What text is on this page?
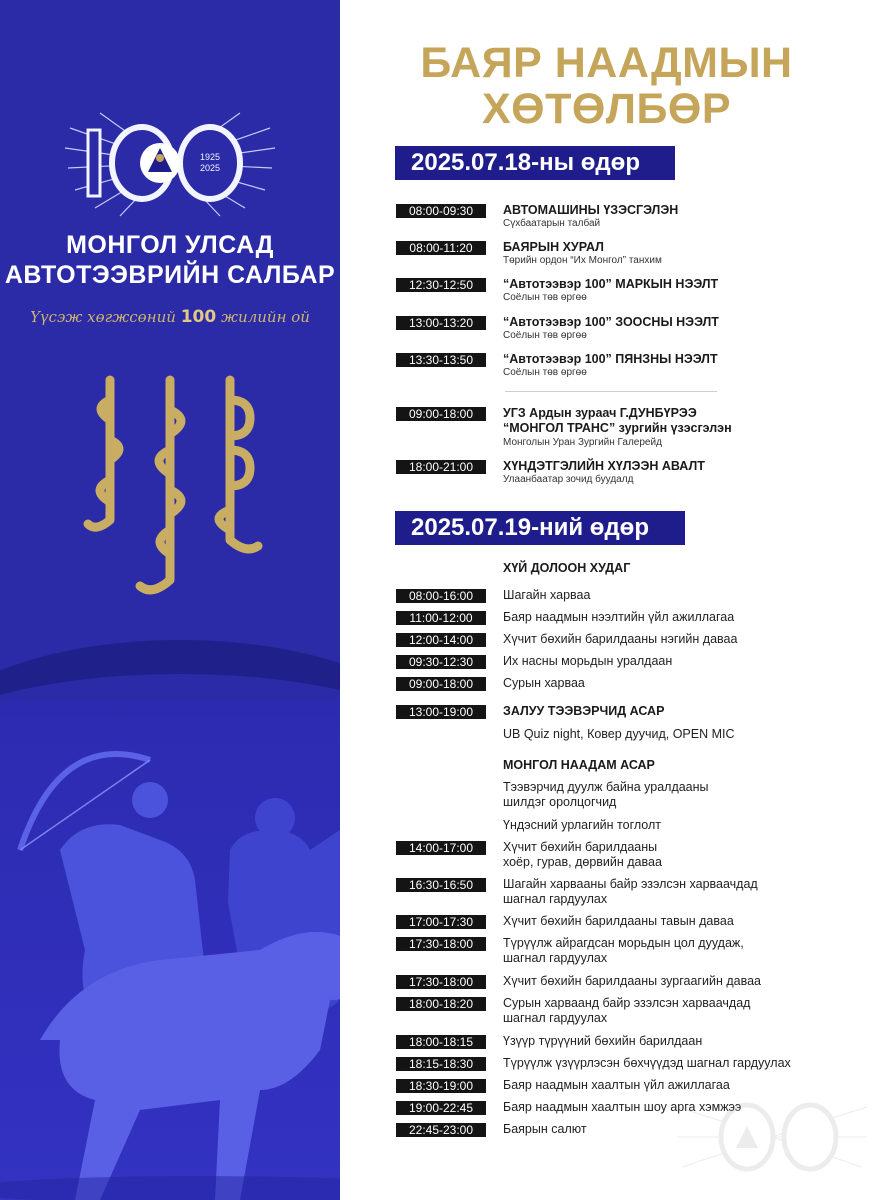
1925
2025
МОНГОЛ УЛСАД
АВТОТЭЭВРИЙН САЛБАР
Үүсэж хөгжсөний 100 жилийн ой
БАЯР НААДМЫН
ХӨТӨЛБӨР
2025.07.18-ны өдөр
08:00-09:30	АВТОМАШИНЫ ҮЗЭСГЭЛЭН
Сүхбаатарын талбай
08:00-11:20	БАЯРЫН ХУРАЛ
Төрийн ордон “Их Монгол” танхим
12:30-12:50	“Автотээвэр 100” МАРКЫН НЭЭЛТ
Соёлын төв өргөө
13:00-13:20	“Автотээвэр 100” ЗООСНЫ НЭЭЛТ
Соёлын төв өргөө
13:30-13:50	“Автотээвэр 100” ПЯНЗНЫ НЭЭЛТ
Соёлын төв өргөө
09:00-18:00	УГЗ Ардын зураач Г.ДУНБҮРЭЭ
“МОНГОЛ ТРАНС” зургийн үзэсгэлэн
Монголын Уран Зургийн Галерейд
18:00-21:00	ХҮНДЭТГЭЛИЙН ХҮЛЭЭН АВАЛТ
Улаанбаатар зочид буудалд
2025.07.19-ний өдөр
ХҮЙ ДОЛООН ХУДАГ
08:00-16:00	Шагайн харваа
11:00-12:00	Баяр наадмын нээлтийн үйл ажиллагаа
12:00-14:00	Хүчит бөхийн барилдааны нэгийн даваа
09:30-12:30	Их насны морьдын уралдаан
09:00-18:00	Сурын харваа
13:00-19:00	ЗАЛУУ ТЭЭВЭРЧИД АСАР
UB Quiz night, Ковер дуучид, OPEN MIC
МОНГОЛ НААДАМ АСАР
Тээвэрчид дуулж байна уралдааны
шилдэг оролцогчид
Үндэсний урлагийн тоглолт
14:00-17:00	Хүчит бөхийн барилдааны
хоёр, гурав, дөрвийн даваа
16:30-16:50	Шагайн харвааны байр эзэлсэн харваачдад
шагнал гардуулах
17:00-17:30	Хүчит бөхийн барилдааны тавын даваа
17:30-18:00	Түрүүлж айрагдсан морьдын цол дуудаж,
шагнал гардуулах
17:30-18:00	Хүчит бөхийн барилдааны зургаагийн даваа
18:00-18:20	Сурын харваанд байр эзэлсэн харваачдад
шагнал гардуулах
18:00-18:15	Үзүүр түрүүний бөхийн барилдаан
18:15-18:30	Түрүүлж үзүүрлэсэн бөхчүүдэд шагнал гардуулах
18:30-19:00	Баяр наадмын хаалтын үйл ажиллагаа
19:00-22:45	Баяр наадмын хаалтын шоу арга хэмжээ
22:45-23:00	Баярын салют
